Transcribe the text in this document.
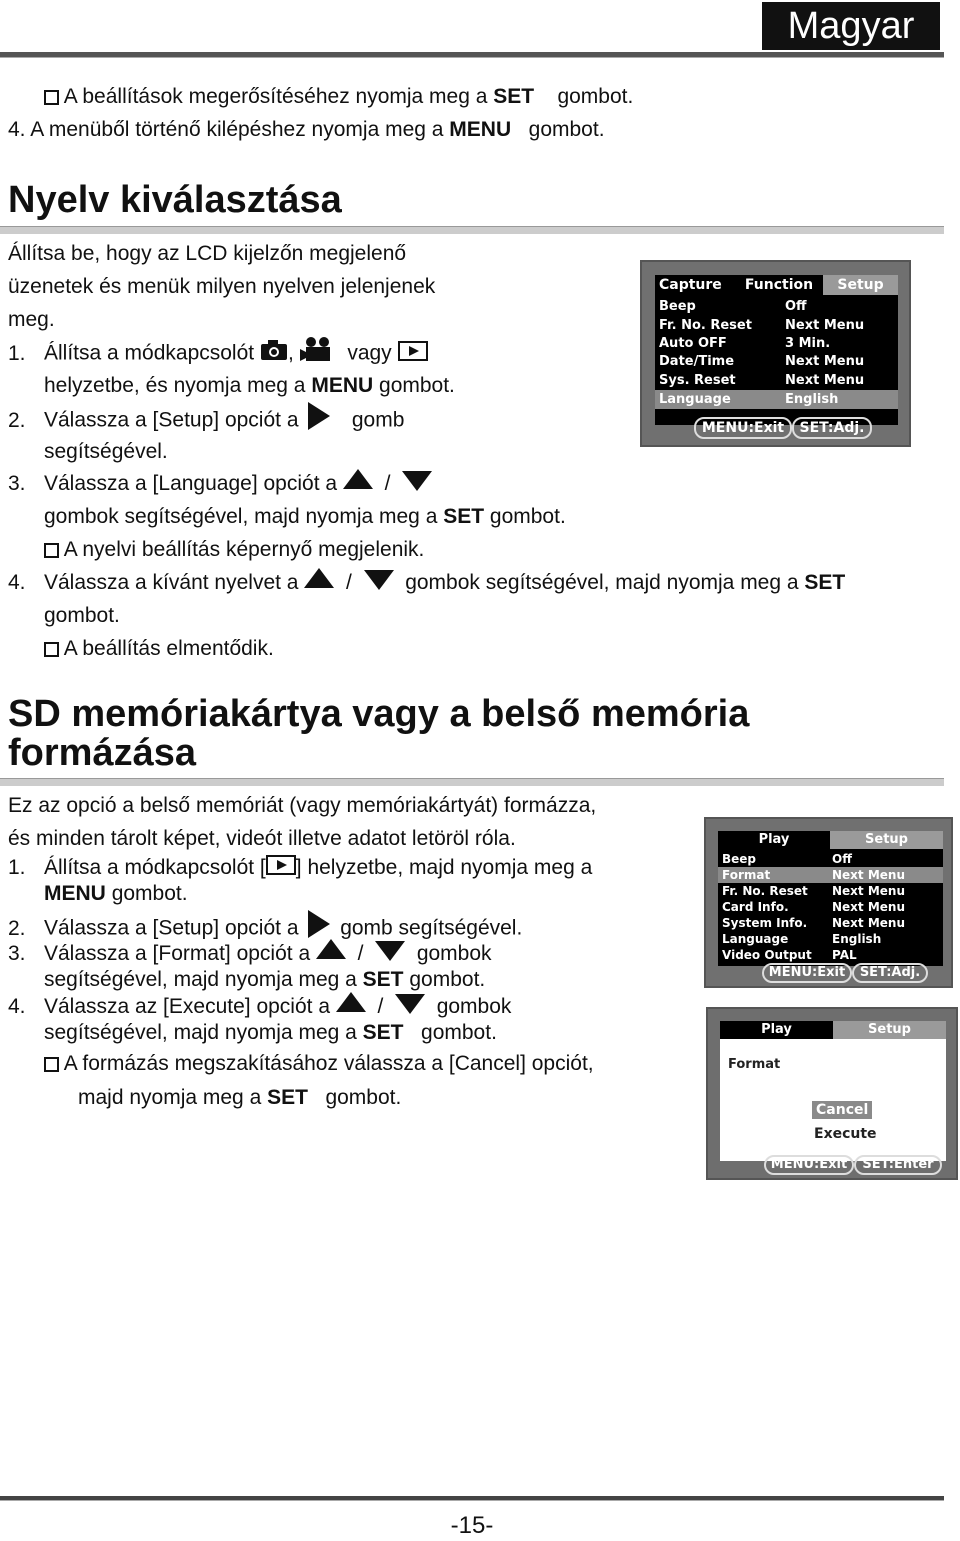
Magyar
A beállítások megerősítéséhez nyomja meg a SET gombot.
4. A menüből történő kilépéshez nyomja meg a MENU gombot.
Nyelv kiválasztása
Állítsa be, hogy az LCD kijelzőn megjelenő
üzenetek és menük milyen nyelven jelenjenek
meg.
1. Állítsa a módkapcsolót ,	vagy
helyzetbe, és nyomja meg a MENU gombot.
2. Válassza a [Setup] opciót a	gomb
segítségével.
3. Válassza a [Language] opciót a /
gombok segítségével, majd nyomja meg a SET gombot.
A nyelvi beállítás képernyő megjelenik.
4. Válassza a kívánt nyelvet a /	gombok segítségével, majd nyomja meg a SET
gombot.
A beállítás elmentődik.
Capture	Function	Setup
Beep	Off
Fr. No. Reset	Next Menu
Auto OFF	3 Min.
Date/Time	Next Menu
Sys. Reset	Next Menu
Language	English
MENU:Exit	SET:Adj.
SD memóriakártya vagy a belső memória
formázása
Ez az opció a belső memóriát (vagy memóriakártyát) formázza,
és minden tárolt képet, videót illetve adatot letöröl róla.
1. Állítsa a módkapcsolót [ ] helyzetbe, majd nyomja meg a
MENU gombot.
2. Válassza a [Setup] opciót a gomb segítségével.
3. Válassza a [Format] opciót a /	gombok
segítségével, majd nyomja meg a SET gombot.
4. Válassza az [Execute] opciót a /	gombok
segítségével, majd nyomja meg a SET gombot.
A formázás megszakításához válassza a [Cancel] opciót,
majd nyomja meg a SET gombot.
Play	Setup
Beep	Off
Format	Next Menu
Fr. No. Reset Next Menu
Card Info.	Next Menu
System Info. Next Menu
Language	English
Video Output PAL
MENU:Exit	SET:Adj.
Play	Setup
Format
Cancel
Execute
MENU:Exit	SET:Enter
-15-
